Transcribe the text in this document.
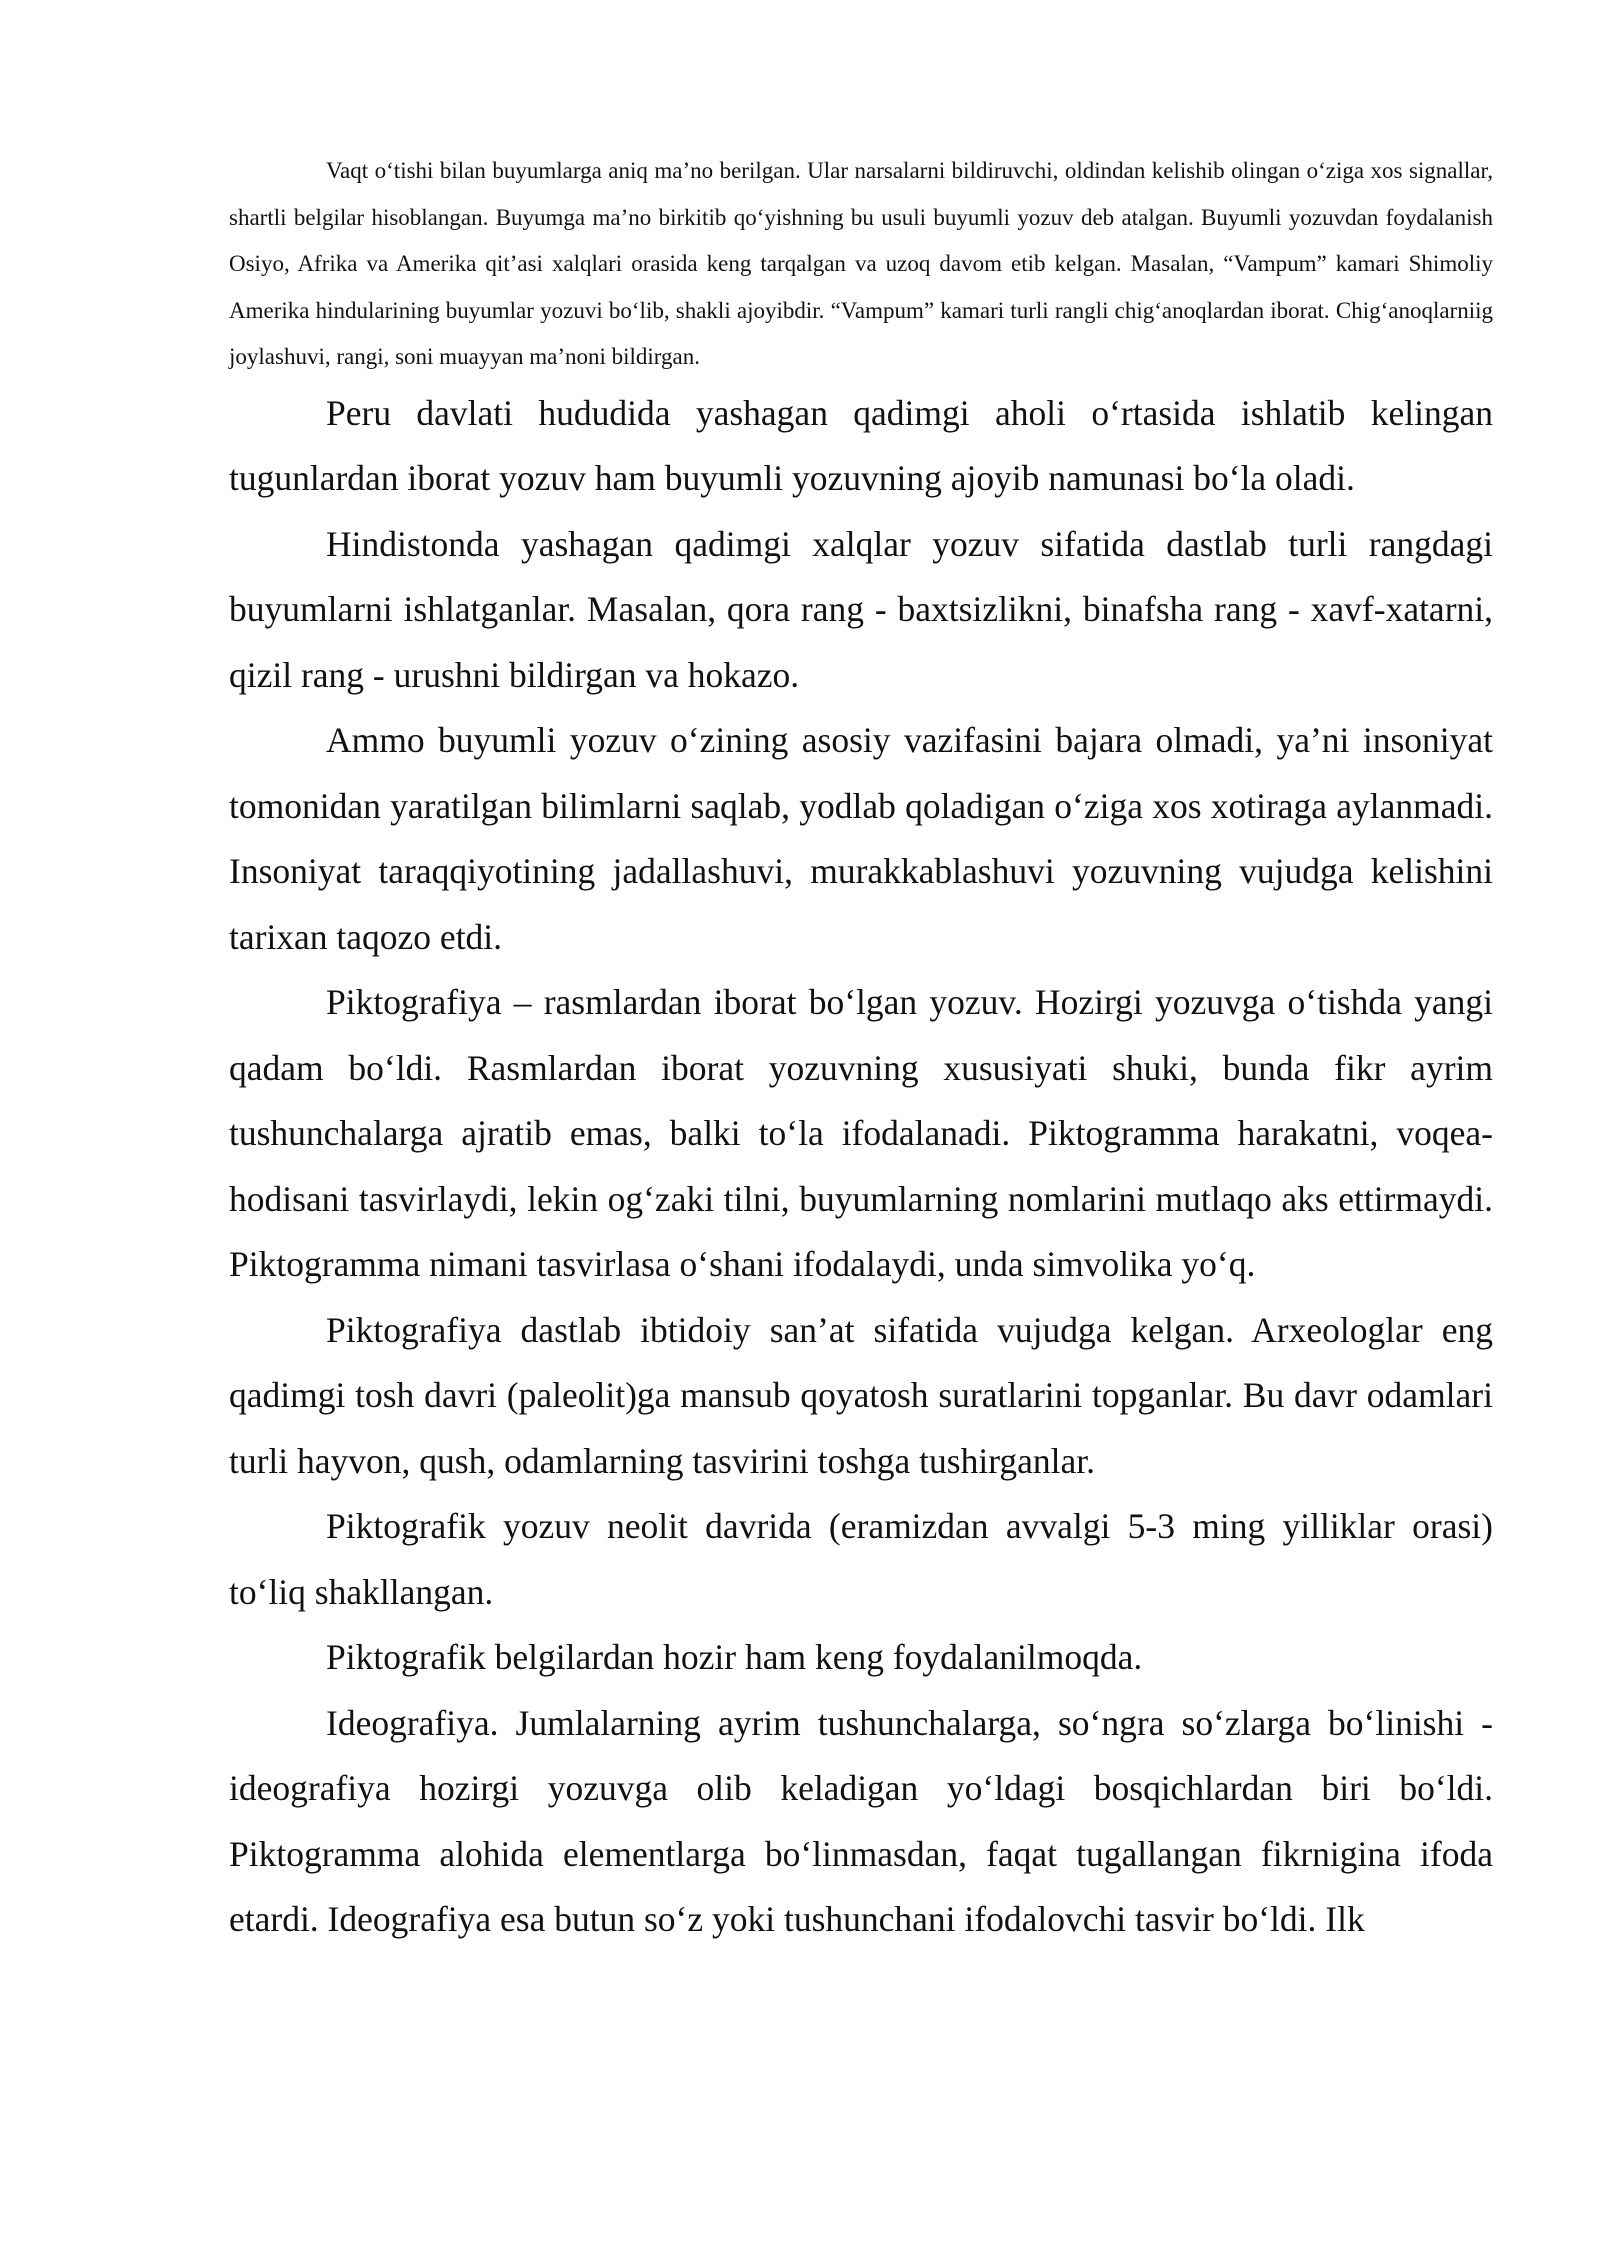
Vaqt o‘tishi bilan buyumlarga aniq ma’no berilgan. Ular narsalarni bildiruvchi, oldindan kelishib olingan o‘ziga xos signallar, shartli belgilar hisoblangan. Buyumga ma’no birkitib qo‘yishning bu usuli buyumli yozuv deb atalgan. Buyumli yozuvdan foydalanish Osiyo, Afrika va Amerika qit’asi xalqlari orasida keng tarqalgan va uzoq davom etib kelgan. Masalan, “Vampum” kamari Shimoliy Amerika hindularining buyumlar yozuvi bo‘lib, shakli ajoyibdir. “Vampum” kamari turli rangli chig‘anoqlardan iborat. Chig‘anoqlarniig joylashuvi, rangi, soni muayyan ma’noni bildirgan.

Peru davlati hududida yashagan qadimgi aholi o‘rtasida ishlatib kelingan tugunlardan iborat yozuv ham buyumli yozuvning ajoyib namunasi bo‘la oladi.

Hindistonda yashagan qadimgi xalqlar yozuv sifatida dastlab turli rangdagi buyumlarni ishlatganlar. Masalan, qora rang - baxtsizlikni, binafsha rang - xavf-xatarni, qizil rang - urushni bildirgan va hokazo.

Ammo buyumli yozuv o‘zining asosiy vazifasini bajara olmadi, ya’ni insoniyat tomonidan yaratilgan bilimlarni saqlab, yodlab qoladigan o‘ziga xos xotiraga aylanmadi. Insoniyat taraqqiyotining jadallashuvi, murakkablashuvi yozuvning vujudga kelishini tarixan taqozo etdi.

Piktografiya – rasmlardan iborat bo‘lgan yozuv. Hozirgi yozuvga o‘tishda yangi qadam bo‘ldi. Rasmlardan iborat yozuvning xususiyati shuki, bunda fikr ayrim tushunchalarga ajratib emas, balki to‘la ifodalanadi. Piktogramma harakatni, voqea-hodisani tasvirlaydi, lekin og‘zaki tilni, buyumlarning nomlarini mutlaqo aks ettirmaydi. Piktogramma nimani tasvirlasa o‘shani ifodalaydi, unda simvolika yo‘q.

Piktografiya dastlab ibtidoiy san’at sifatida vujudga kelgan. Arxeologlar eng qadimgi tosh davri (paleolit)ga mansub qoyatosh suratlarini topganlar. Bu davr odamlari turli hayvon, qush, odamlarning tasvirini toshga tushirganlar.

Piktografik yozuv neolit davrida (eramizdan avvalgi 5-3 ming yilliklar orasi) to‘liq shakllangan.

Piktografik belgilardan hozir ham keng foydalanilmoqda.

Ideografiya. Jumlalarning ayrim tushunchalarga, so‘ngra so‘zlarga bo‘linishi - ideografiya hozirgi yozuvga olib keladigan yo‘ldagi bosqichlardan biri bo‘ldi. Piktogramma alohida elementlarga bo‘linmasdan, faqat tugallangan fikrnigina ifoda etardi. Ideografiya esa butun so‘z yoki tushunchani ifodalovchi tasvir bo‘ldi. Ilk
